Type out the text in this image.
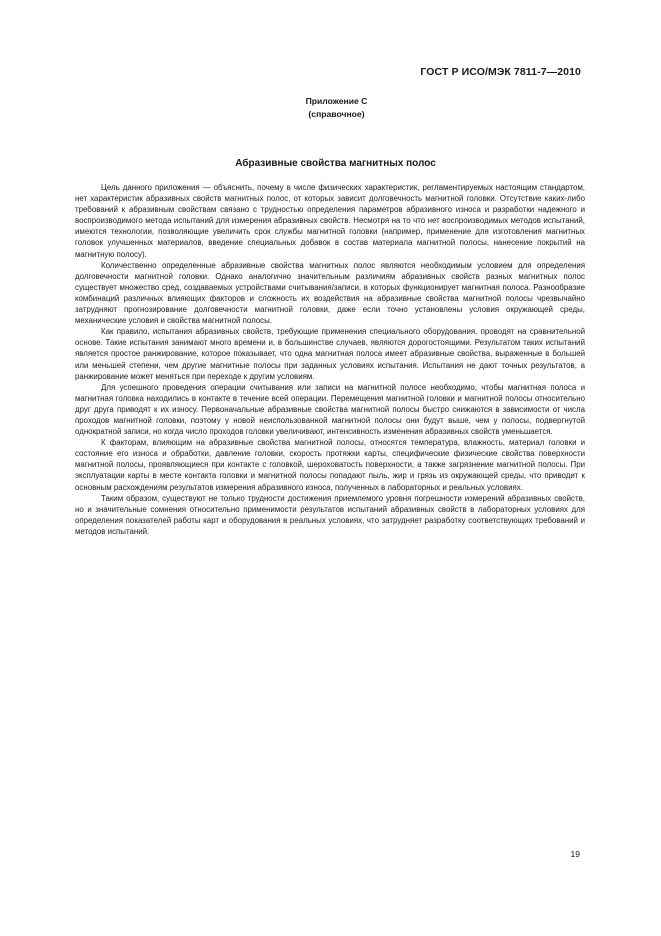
ГОСТ Р ИСО/МЭК 7811-7—2010
Приложение С
(справочное)
Абразивные свойства магнитных полос

Цель данного приложения — объяснить, почему в числе физических характеристик, регламентируемых настоящим стандартом, нет характеристик абразивных свойств магнитных полос, от которых зависит долговечность магнитной головки. Отсутствие каких-либо требований к абразивным свойствам связано с трудностью определения параметров абразивного износа и разработки надежного и воспроизводимого метода испытаний для измерения абразивных свойств. Несмотря на то что нет воспроизводимых методов испытаний, имеются технологии, позволяющие увеличить срок службы магнитной головки (например, применение для изготовления магнитных головок улучшенных материалов, введение специальных добавок в состав материала магнитной полосы, нанесение покрытий на магнитную полосу).

Количественно определенные абразивные свойства магнитных полос являются необходимым условием для определения долговечности магнитной головки. Однако аналогично значительным различиям абразивных свойств разных магнитных полос существует множество сред, создаваемых устройствами считывания/записи, в которых функционирует магнитная полоса. Разнообразие комбинаций различных влияющих факторов и сложность их воздействия на абразивные свойства магнитной полосы чрезвычайно затрудняют прогнозирование долговечности магнитной головки, даже если точно установлены условия окружающей среды, механические условия и свойства магнитной полосы.

Как правило, испытания абразивных свойств, требующие применения специального оборудования, проводят на сравнительной основе. Такие испытания занимают много времени и, в большинстве случаев, являются дорогостоящими. Результатом таких испытаний является простое ранжирование, которое показывает, что одна магнитная полоса имеет абразивные свойства, выраженные в большей или меньшей степени, чем другие магнитные полосы при заданных условиях испытания. Испытания не дают точных результатов, а ранжирование может меняться при переходе к другим условиям.

Для успешного проведения операции считывания или записи на магнитной полосе необходимо, чтобы магнитная полоса и магнитная головка находились в контакте в течение всей операции. Перемещения магнитной головки и магнитной полосы относительно друг друга приводят к их износу. Первоначальные абразивные свойства магнитной полосы быстро снижаются в зависимости от числа проходов магнитной головки, поэтому у новой неиспользованной магнитной полосы они будут выше, чем у полосы, подвергнутой однократной записи, но когда число проходов головки увеличивают, интенсивность изменения абразивных свойств уменьшается.

К факторам, влияющим на абразивные свойства магнитной полосы, относятся температура, влажность, материал головки и состояние его износа и обработки, давление головки, скорость протяжки карты, специфические физические свойства поверхности магнитной полосы, проявляющиеся при контакте с головкой, шероховатость поверхности, а также загрязнение магнитной полосы. При эксплуатации карты в месте контакта головки и магнитной полосы попадают пыль, жир и грязь из окружающей среды, что приводит к основным расхождениям результатов измерения абразивного износа, полученных в лабораторных и реальных условиях.

Таким образом, существуют не только трудности достижения приемлемого уровня погрешности измерений абразивных свойств, но и значительные сомнения относительно применимости результатов испытаний абразивных свойств в лабораторных условиях для определения показателей работы карт и оборудования в реальных условиях, что затрудняет разработку соответствующих требований и методов испытаний.

19
